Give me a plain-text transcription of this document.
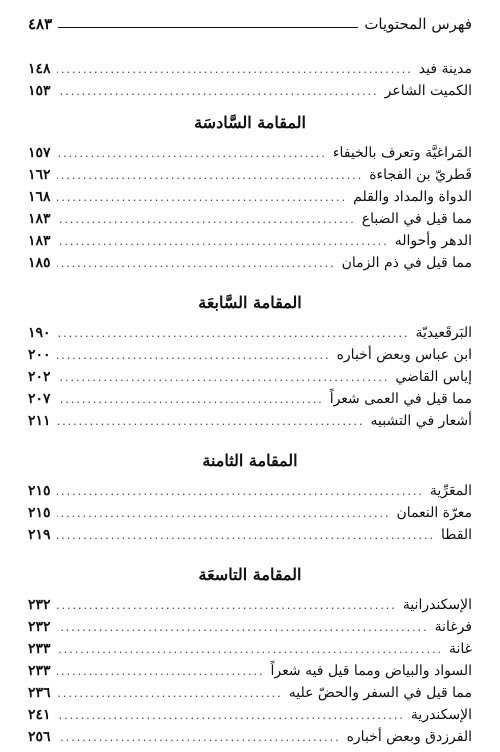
فهرس المحتويات
٤٨٣
مدينة فيد
.....
١٤٨
الكميت الشاعر
.....
١٥٣
المقامة السَّادسَة
المَراغيَّة وتعرف بالخيفاء
.....
١٥٧
قَطريّ بن الفجاءة
.....
١٦٢
الدواة والمداد والقلم
.....
١٦٨
مما قيل في الضباع
.....
١٨٣
الدهر وأحواله
.....
١٨٣
مما قيل في ذم الزمان
.....
١٨٥
المقامة السَّابعَة
البَرقَعيديّة
.....
١٩٠
ابن عباس وبعض أخباره
.....
٢٠٠
إياس القاضي
.....
٢٠٢
مما قيل في العمى شعراً
.....
٢٠٧
أشعار في التشبيه
.....
٢١١
المقامة الثامنة
المعَرِّية
.....
٢١٥
معرّة النعمان
.....
٢١٥
القطا
.....
٢١٩
المقامة التاسعَة
الإسكندرانية
.....
٢٣٢
فرغانة
.....
٢٣٢
غانة
.....
٢٣٣
السواد والبياض ومما قيل فيه شعراً
.....
٢٣٣
مما قيل في السفر والحضّ عليه
.....
٢٣٦
الإسكندرية
.....
٢٤١
الفرزدق وبعض أخباره
.....
٢٥٦
